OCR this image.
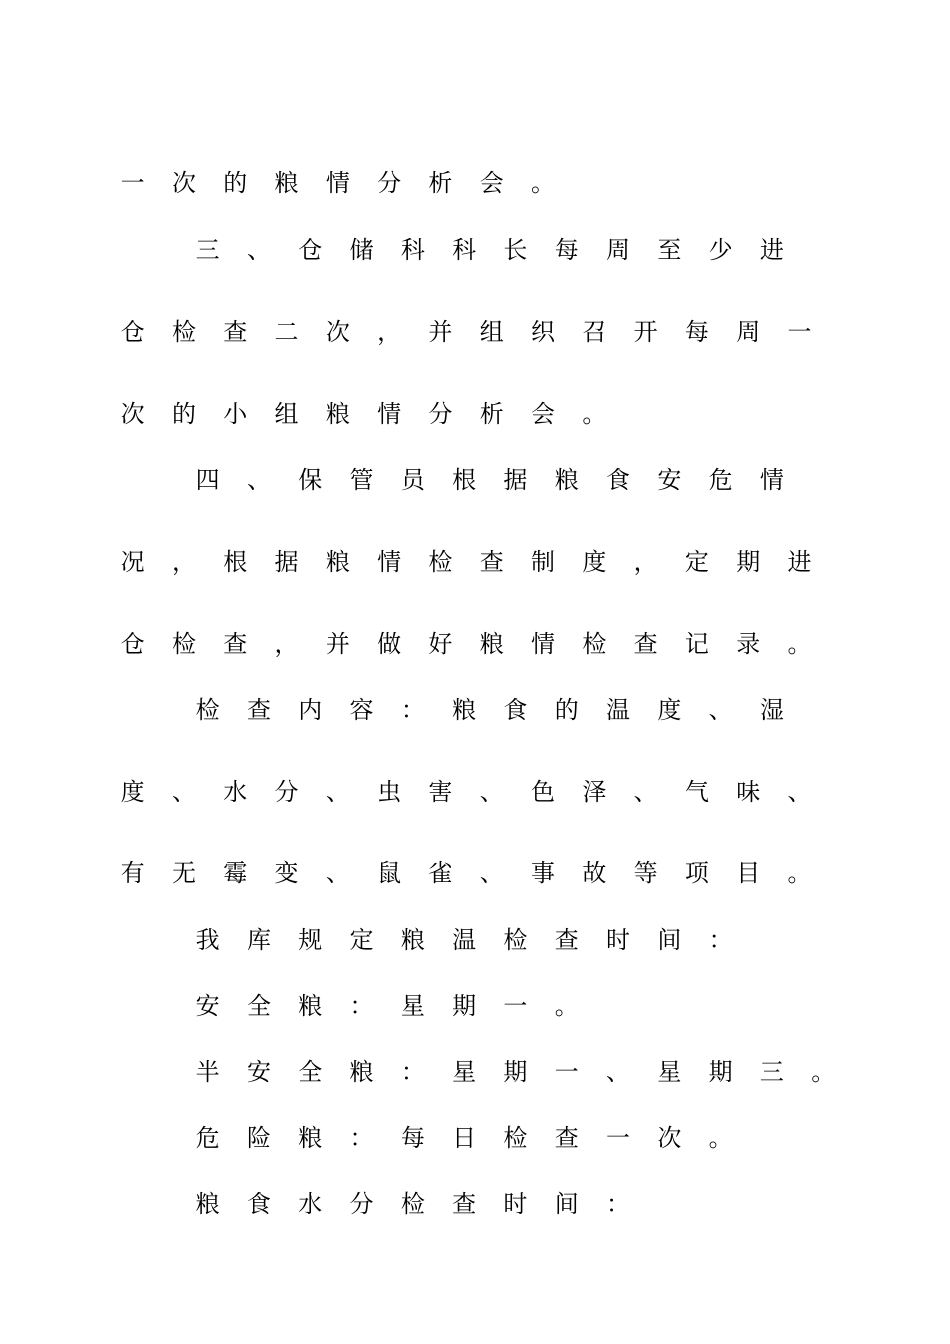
一	次	的	粮	情	分	析	会	。
三	、	仓	储	科	科	长	每	周	至	少	进
仓	检	查	二	次	，	并	组	织	召	开	每	周	一
次	的	小	组	粮	情	分	析	会	。
四	、	保	管	员	根	据	粮	食	安	危	情
况	，	根	据	粮	情	检	查	制	度	，	定	期	进
仓	检	查	，	并	做	好	粮	情	检	查	记	录	。
检	查	内	容	：	粮	食	的	温	度	、	湿
度	、	水	分	、	虫	害	、	色	泽	、	气	味	、
有	无	霉	变	、	鼠	雀	、	事	故	等	项	目	。
我	库	规	定	粮	温	检	查	时	间	：
安	全	粮	：	星	期	一	。
半	安	全	粮	：	星	期	一	、	星	期	三	。
危	险	粮	：	每	日	检	查	一	次	。
粮	食	水	分	检	查	时	间	：
